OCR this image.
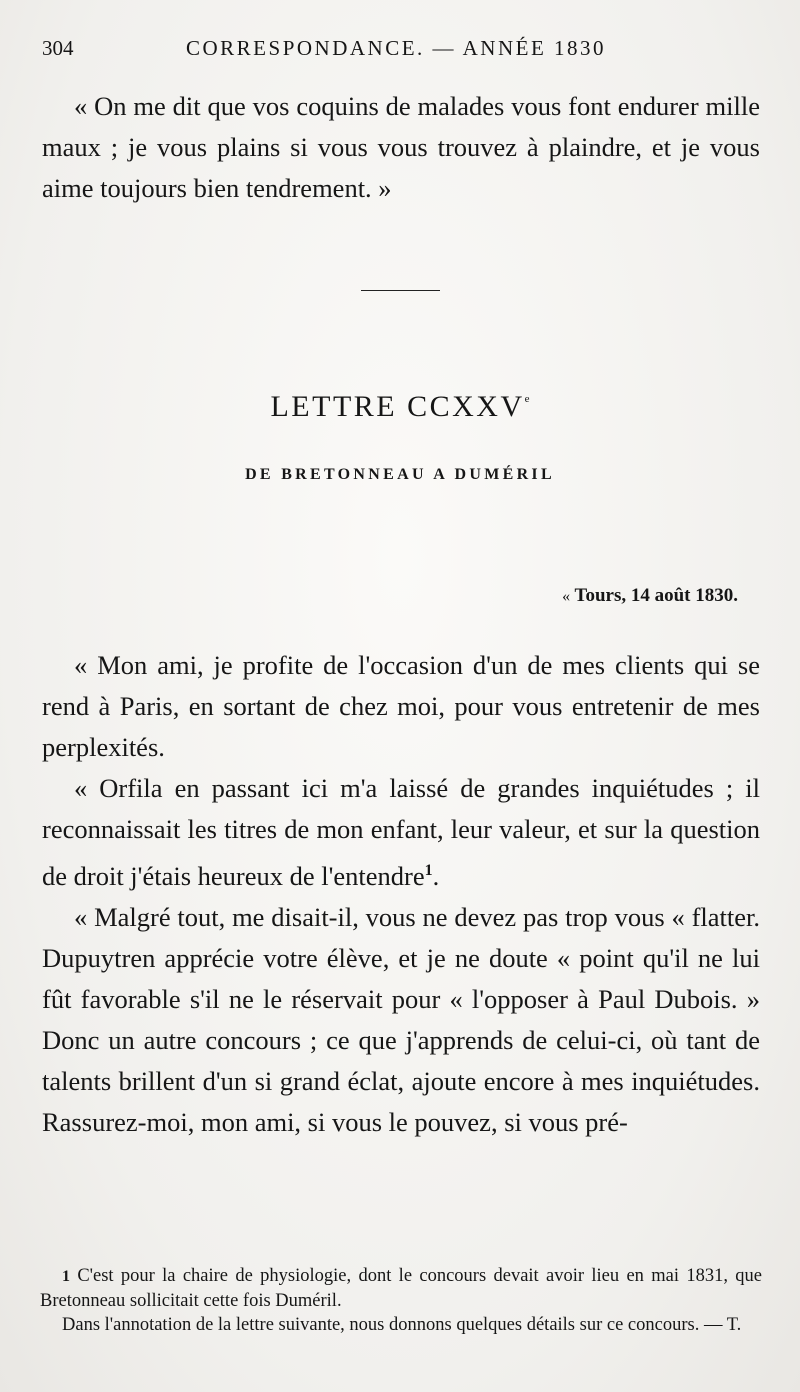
304	CORRESPONDANCE. — ANNÉE 1830

« On me dit que vos coquins de malades vous font endurer mille maux ; je vous plains si vous vous trouvez à plaindre, et je vous aime toujours bien tendrement. »

LETTRE CCXXVe
DE BRETONNEAU A DUMÉRIL
« Tours, 14 août 1830.

« Mon ami, je profite de l'occasion d'un de mes clients qui se rend à Paris, en sortant de chez moi, pour vous entretenir de mes perplexités.

« Orfila en passant ici m'a laissé de grandes inquiétudes ; il reconnaissait les titres de mon enfant, leur valeur, et sur la question de droit j'étais heureux de l'entendre$^1$.

« Malgré tout, me disait-il, vous ne devez pas trop vous « flatter. Dupuytren apprécie votre élève, et je ne doute « point qu'il ne lui fût favorable s'il ne le réservait pour « l'opposer à Paul Dubois. » Donc un autre concours ; ce que j'apprends de celui-ci, où tant de talents brillent d'un si grand éclat, ajoute encore à mes inquiétudes. Rassurez-moi, mon ami, si vous le pouvez, si vous pré-

1 C'est pour la chaire de physiologie, dont le concours devait avoir lieu en mai 1831, que Bretonneau sollicitait cette fois Duméril.

Dans l'annotation de la lettre suivante, nous donnons quelques détails sur ce concours. — T.
